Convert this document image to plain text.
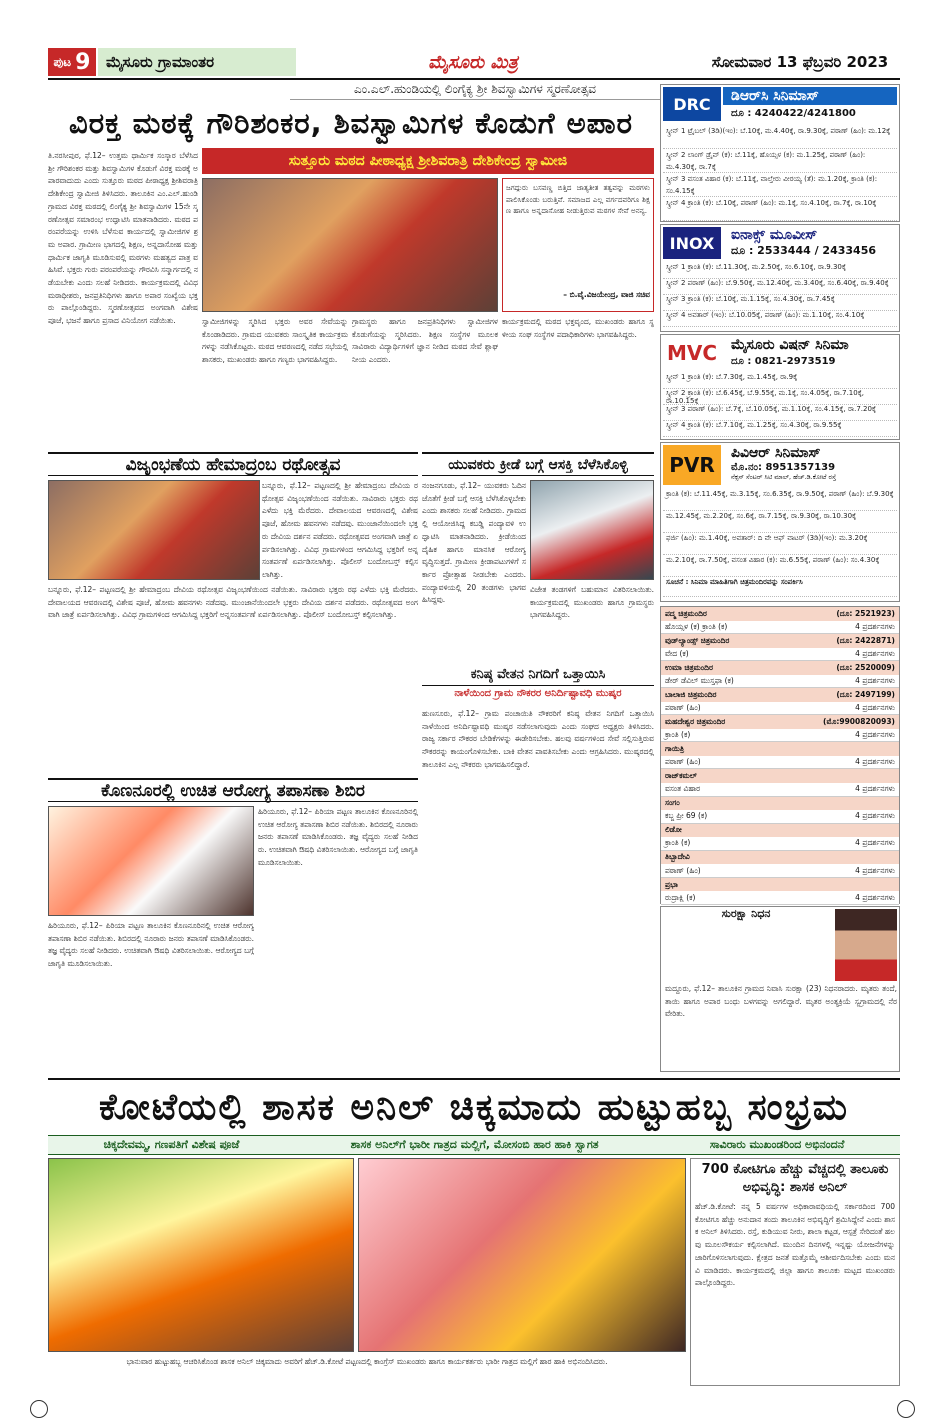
ಪುಟ 9	ಮೈಸೂರು ಗ್ರಾಮಾಂತರ	ಮೈಸೂರು ಮಿತ್ರ	ಸೋಮವಾರ 13 ಫೆಬ್ರವರಿ 2023
ಎಂ.ಎಲ್.ಹುಂಡಿಯಲ್ಲಿ ಲಿಂಗೈಕ್ಯ ಶ್ರೀ ಶಿವಸ್ವಾಮಿಗಳ ಸ್ಮರಣೋತ್ಸವ
ವಿರಕ್ತ ಮಠಕ್ಕೆ ಗೌರಿಶಂಕರ, ಶಿವಸ್ವಾಮಿಗಳ ಕೊಡುಗೆ ಅಪಾರ
ಸುತ್ತೂರು ಮಠದ ಪೀಠಾಧ್ಯಕ್ಷ ಶ್ರೀಶಿವರಾತ್ರಿ ದೇಶಿಕೇಂದ್ರ ಸ್ವಾಮೀಜಿ
ತಿ.ನರಸೀಪುರ, ಫೆ.12– ಉತ್ತಮ ಧಾರ್ಮಿಕ ಸಂಸ್ಕಾರ ಬೆಳೆಸಿದ ಶ್ರೀ ಗೌರಿಶಂಕರ ಮತ್ತು ಶಿವಸ್ವಾಮಿಗಳ ಕೊಡುಗೆ ವಿರಕ್ತ ಮಠಕ್ಕೆ ಅಪಾರವಾದುದು ಎಂದು ಸುತ್ತೂರು ಮಠದ ಪೀಠಾಧ್ಯಕ್ಷ ಶ್ರೀಶಿವರಾತ್ರಿ ದೇಶಿಕೇಂದ್ರ ಸ್ವಾಮೀಜಿ ತಿಳಿಸಿದರು. ತಾಲೂಕಿನ ಎಂ.ಎಲ್.ಹುಂಡಿ ಗ್ರಾಮದ ವಿರಕ್ತ ಮಠದಲ್ಲಿ ಲಿಂಗೈಕ್ಯ ಶ್ರೀ ಶಿವಸ್ವಾಮಿಗಳ 15ನೇ ಸ್ಮರಣೋತ್ಸವ ಸಮಾರಂಭ ಉದ್ಘಾಟಿಸಿ ಮಾತನಾಡಿದರು. ಮಠದ ಪರಂಪರೆಯನ್ನು ಉಳಿಸಿ ಬೆಳೆಸುವ ಕಾರ್ಯದಲ್ಲಿ ಸ್ವಾಮೀಜಿಗಳ ಶ್ರಮ ಅಪಾರ. ಗ್ರಾಮೀಣ ಭಾಗದಲ್ಲಿ ಶಿಕ್ಷಣ, ಅನ್ನದಾಸೋಹ ಮತ್ತು ಧಾರ್ಮಿಕ ಜಾಗೃತಿ ಮೂಡಿಸುವಲ್ಲಿ ಮಠಗಳು ಮಹತ್ವದ ಪಾತ್ರ ವಹಿಸಿವೆ. ಭಕ್ತರು ಗುರು ಪರಂಪರೆಯನ್ನು ಗೌರವಿಸಿ ಸನ್ಮಾರ್ಗದಲ್ಲಿ ನಡೆಯಬೇಕು ಎಂದು ಸಲಹೆ ನೀಡಿದರು. ಕಾರ್ಯಕ್ರಮದಲ್ಲಿ ವಿವಿಧ ಮಠಾಧೀಶರು, ಜನಪ್ರತಿನಿಧಿಗಳು ಹಾಗೂ ಅಪಾರ ಸಂಖ್ಯೆಯ ಭಕ್ತರು ಪಾಲ್ಗೊಂಡಿದ್ದರು. ಸ್ಮರಣೋತ್ಸವದ ಅಂಗವಾಗಿ ವಿಶೇಷ ಪೂಜೆ, ಭಜನೆ ಹಾಗೂ ಪ್ರಸಾದ ವಿನಿಯೋಗ ನಡೆಯಿತು.
ಜಗದ್ಗುರು ಬಸವಣ್ಣ ಬಿತ್ತಿದ ಜಾತ್ಯತೀತ ತತ್ವವನ್ನು ಮಠಗಳು ಪಾಲಿಸಿಕೊಂಡು ಬರುತ್ತಿವೆ. ಸಮಾಜದ ಎಲ್ಲ ವರ್ಗದವರಿಗೂ ಶಿಕ್ಷಣ ಹಾಗೂ ಅನ್ನದಾಸೋಹ ನೀಡುತ್ತಿರುವ ಮಠಗಳ ಸೇವೆ ಅನನ್ಯ.
– ಬಿ.ವೈ.ವಿಜಯೇಂದ್ರ, ವಾಜಿ ಸಚಿವ
ಸ್ವಾಮೀಜಿಗಳನ್ನು ಸ್ಮರಿಸಿದ ಭಕ್ತರು ಅವರ ಸೇವೆಯನ್ನು ಕೊಂಡಾಡಿದರು. ಗ್ರಾಮದ ಯುವಕರು ಸಾಂಸ್ಕೃತಿಕ ಕಾರ್ಯಕ್ರಮಗಳನ್ನು ನಡೆಸಿಕೊಟ್ಟರು. ಮಠದ ಆವರಣದಲ್ಲಿ ನಡೆದ ಸಭೆಯಲ್ಲಿ ಶಾಸಕರು, ಮುಖಂಡರು ಹಾಗೂ ಗಣ್ಯರು ಭಾಗವಹಿಸಿದ್ದರು.
ಗ್ರಾಮಸ್ಥರು ಹಾಗೂ ಜನಪ್ರತಿನಿಧಿಗಳು ಸ್ವಾಮೀಜಿಗಳ ಕೊಡುಗೆಯನ್ನು ಸ್ಮರಿಸಿದರು. ಶಿಕ್ಷಣ ಸಂಸ್ಥೆಗಳ ಮೂಲಕ ಸಾವಿರಾರು ವಿದ್ಯಾರ್ಥಿಗಳಿಗೆ ಜ್ಞಾನ ನೀಡಿದ ಮಠದ ಸೇವೆ ಶ್ಲಾಘನೀಯ ಎಂದರು.
ಕಾರ್ಯಕ್ರಮದಲ್ಲಿ ಮಠದ ಭಕ್ತವೃಂದ, ಮುಖಂಡರು ಹಾಗೂ ಸ್ಥಳೀಯ ಸಂಘ ಸಂಸ್ಥೆಗಳ ಪದಾಧಿಕಾರಿಗಳು ಭಾಗವಹಿಸಿದ್ದರು.
ವಿಜೃಂಭಣೆಯ ಹೇಮಾದ್ರಂಬ ರಥೋತ್ಸವ
ಬನ್ನೂರು, ಫೆ.12– ಪಟ್ಟಣದಲ್ಲಿ ಶ್ರೀ ಹೇಮಾದ್ರಂಬ ದೇವಿಯ ರಥೋತ್ಸವ ವಿಜೃಂಭಣೆಯಿಂದ ನಡೆಯಿತು. ಸಾವಿರಾರು ಭಕ್ತರು ರಥ ಎಳೆದು ಭಕ್ತಿ ಮೆರೆದರು. ದೇವಾಲಯದ ಆವರಣದಲ್ಲಿ ವಿಶೇಷ ಪೂಜೆ, ಹೋಮ ಹವನಗಳು ನಡೆದವು. ಮುಂಜಾನೆಯಿಂದಲೇ ಭಕ್ತರು ದೇವಿಯ ದರ್ಶನ ಪಡೆದರು. ರಥೋತ್ಸವದ ಅಂಗವಾಗಿ ಜಾತ್ರೆ ಏರ್ಪಡಿಸಲಾಗಿತ್ತು. ವಿವಿಧ ಗ್ರಾಮಗಳಿಂದ ಆಗಮಿಸಿದ್ದ ಭಕ್ತರಿಗೆ ಅನ್ನಸಂತರ್ಪಣೆ ಏರ್ಪಡಿಸಲಾಗಿತ್ತು. ಪೊಲೀಸ್ ಬಂದೋಬಸ್ತ್ ಕಲ್ಪಿಸಲಾಗಿತ್ತು.
ಬನ್ನೂರು, ಫೆ.12– ಪಟ್ಟಣದಲ್ಲಿ ಶ್ರೀ ಹೇಮಾದ್ರಂಬ ದೇವಿಯ ರಥೋತ್ಸವ ವಿಜೃಂಭಣೆಯಿಂದ ನಡೆಯಿತು. ಸಾವಿರಾರು ಭಕ್ತರು ರಥ ಎಳೆದು ಭಕ್ತಿ ಮೆರೆದರು. ದೇವಾಲಯದ ಆವರಣದಲ್ಲಿ ವಿಶೇಷ ಪೂಜೆ, ಹೋಮ ಹವನಗಳು ನಡೆದವು. ಮುಂಜಾನೆಯಿಂದಲೇ ಭಕ್ತರು ದೇವಿಯ ದರ್ಶನ ಪಡೆದರು. ರಥೋತ್ಸವದ ಅಂಗವಾಗಿ ಜಾತ್ರೆ ಏರ್ಪಡಿಸಲಾಗಿತ್ತು. ವಿವಿಧ ಗ್ರಾಮಗಳಿಂದ ಆಗಮಿಸಿದ್ದ ಭಕ್ತರಿಗೆ ಅನ್ನಸಂತರ್ಪಣೆ ಏರ್ಪಡಿಸಲಾಗಿತ್ತು. ಪೊಲೀಸ್ ಬಂದೋಬಸ್ತ್ ಕಲ್ಪಿಸಲಾಗಿತ್ತು.
ಯುವಕರು ಕ್ರೀಡೆ ಬಗ್ಗೆ ಆಸಕ್ತಿ ಬೆಳೆಸಿಕೊಳ್ಳಿ
ನಂಜನಗೂಡು, ಫೆ.12– ಯುವಕರು ಓದಿನ ಜೊತೆಗೆ ಕ್ರೀಡೆ ಬಗ್ಗೆ ಆಸಕ್ತಿ ಬೆಳೆಸಿಕೊಳ್ಳಬೇಕು ಎಂದು ಶಾಸಕರು ಸಲಹೆ ನೀಡಿದರು. ಗ್ರಾಮದಲ್ಲಿ ಆಯೋಜಿಸಿದ್ದ ಕಬಡ್ಡಿ ಪಂದ್ಯಾವಳಿ ಉದ್ಘಾಟಿಸಿ ಮಾತನಾಡಿದರು. ಕ್ರೀಡೆಯಿಂದ ದೈಹಿಕ ಹಾಗೂ ಮಾನಸಿಕ ಆರೋಗ್ಯ ವೃದ್ಧಿಸುತ್ತದೆ. ಗ್ರಾಮೀಣ ಕ್ರೀಡಾಪಟುಗಳಿಗೆ ಸರ್ಕಾರ ಪ್ರೋತ್ಸಾಹ ನೀಡಬೇಕು ಎಂದರು. ಪಂದ್ಯಾವಳಿಯಲ್ಲಿ 20 ತಂಡಗಳು ಭಾಗವಹಿಸಿದ್ದವು.
ವಿಜೇತ ತಂಡಗಳಿಗೆ ಬಹುಮಾನ ವಿತರಿಸಲಾಯಿತು. ಕಾರ್ಯಕ್ರಮದಲ್ಲಿ ಮುಖಂಡರು ಹಾಗೂ ಗ್ರಾಮಸ್ಥರು ಭಾಗವಹಿಸಿದ್ದರು.
ಕೊಣನೂರಲ್ಲಿ ಉಚಿತ ಆರೋಗ್ಯ ತಪಾಸಣಾ ಶಿಬಿರ
ಹಿರಿಯೂರು, ಫೆ.12– ಪಿರಿಯಾ ಪಟ್ಟಣ ತಾಲೂಕಿನ ಕೊಣನೂರಿನಲ್ಲಿ ಉಚಿತ ಆರೋಗ್ಯ ತಪಾಸಣಾ ಶಿಬಿರ ನಡೆಯಿತು. ಶಿಬಿರದಲ್ಲಿ ನೂರಾರು ಜನರು ತಪಾಸಣೆ ಮಾಡಿಸಿಕೊಂಡರು. ತಜ್ಞ ವೈದ್ಯರು ಸಲಹೆ ನೀಡಿದರು. ಉಚಿತವಾಗಿ ಔಷಧಿ ವಿತರಿಸಲಾಯಿತು. ಆರೋಗ್ಯದ ಬಗ್ಗೆ ಜಾಗೃತಿ ಮೂಡಿಸಲಾಯಿತು.
ಹಿರಿಯೂರು, ಫೆ.12– ಪಿರಿಯಾ ಪಟ್ಟಣ ತಾಲೂಕಿನ ಕೊಣನೂರಿನಲ್ಲಿ ಉಚಿತ ಆರೋಗ್ಯ ತಪಾಸಣಾ ಶಿಬಿರ ನಡೆಯಿತು. ಶಿಬಿರದಲ್ಲಿ ನೂರಾರು ಜನರು ತಪಾಸಣೆ ಮಾಡಿಸಿಕೊಂಡರು. ತಜ್ಞ ವೈದ್ಯರು ಸಲಹೆ ನೀಡಿದರು. ಉಚಿತವಾಗಿ ಔಷಧಿ ವಿತರಿಸಲಾಯಿತು. ಆರೋಗ್ಯದ ಬಗ್ಗೆ ಜಾಗೃತಿ ಮೂಡಿಸಲಾಯಿತು.
ಕನಿಷ್ಠ ವೇತನ ನಿಗದಿಗೆ ಒತ್ತಾಯಿಸಿ
ನಾಳೆಯಿಂದ ಗ್ರಾಮ ನೌಕರರ ಅನಿರ್ದಿಷ್ಟಾವಧಿ ಮುಷ್ಕರ
ಹುಣಸೂರು, ಫೆ.12– ಗ್ರಾಮ ಪಂಚಾಯಿತಿ ನೌಕರರಿಗೆ ಕನಿಷ್ಠ ವೇತನ ನಿಗದಿಗೆ ಒತ್ತಾಯಿಸಿ ನಾಳೆಯಿಂದ ಅನಿರ್ದಿಷ್ಟಾವಧಿ ಮುಷ್ಕರ ನಡೆಸಲಾಗುವುದು ಎಂದು ಸಂಘದ ಅಧ್ಯಕ್ಷರು ತಿಳಿಸಿದರು. ರಾಜ್ಯ ಸರ್ಕಾರ ನೌಕರರ ಬೇಡಿಕೆಗಳನ್ನು ಈಡೇರಿಸಬೇಕು. ಹಲವು ವರ್ಷಗಳಿಂದ ಸೇವೆ ಸಲ್ಲಿಸುತ್ತಿರುವ ನೌಕರರನ್ನು ಕಾಯಂಗೊಳಿಸಬೇಕು. ಬಾಕಿ ವೇತನ ಪಾವತಿಸಬೇಕು ಎಂದು ಆಗ್ರಹಿಸಿದರು. ಮುಷ್ಕರದಲ್ಲಿ ತಾಲೂಕಿನ ಎಲ್ಲ ನೌಕರರು ಭಾಗವಹಿಸಲಿದ್ದಾರೆ.
DRC	ಡಿಆರ್‌ಸಿ ಸಿನಿಮಾಸ್
ದೂ : 4240422/4241800
ಸ್ಕ್ರೀನ್ 1 ಟ್ರೈಬಲ್ (3ಡಿ)(ಇಂ): ಬೆ.10ಕ್ಕೆ, ಮ.4.40ಕ್ಕೆ, ರಾ.9.30ಕ್ಕೆ, ಪಠಾಣ್ (ಹಿಂ): ಮ.12ಕ್ಕೆ
ಸ್ಕ್ರೀನ್ 2 ಲಾಂಗ್ ಡ್ರೈವ್ (ಕ): ಬೆ.11ಕ್ಕೆ, ಹೊಯ್ಸಳ (ಕ): ಮ.1.25ಕ್ಕೆ, ಪಠಾಣ್ (ಹಿಂ): ಮ.4.30ಕ್ಕೆ, ರಾ.7ಕ್ಕೆ
ಸ್ಕ್ರೀನ್ 3 ವಸಂತ ವಿಹಾರ (ಕ): ಬೆ.11ಕ್ಕೆ, ವಾಲ್ತೇರು ವೀರಯ್ಯ (ತೆ): ಮ.1.20ಕ್ಕೆ, ಕ್ರಾಂತಿ (ಕ): ಸಂ.4.15ಕ್ಕೆ
ಸ್ಕ್ರೀನ್ 4 ಕ್ರಾಂತಿ (ಕ): ಬೆ.10ಕ್ಕೆ, ಪಠಾಣ್ (ಹಿಂ): ಮ.1ಕ್ಕೆ, ಸಂ.4.10ಕ್ಕೆ, ರಾ.7ಕ್ಕೆ, ರಾ.10ಕ್ಕೆ
INOX	ಐನಾಕ್ಸ್ ಮೂವೀಸ್
ದೂ : 2533444 / 2433456
ಸ್ಕ್ರೀನ್ 1 ಕ್ರಾಂತಿ (ಕ): ಬೆ.11.30ಕ್ಕೆ, ಮ.2.50ಕ್ಕೆ, ಸಂ.6.10ಕ್ಕೆ, ರಾ.9.30ಕ್ಕೆ
ಸ್ಕ್ರೀನ್ 2 ಪಠಾಣ್ (ಹಿಂ): ಬೆ.9.50ಕ್ಕೆ, ಮ.12.40ಕ್ಕೆ, ಮ.3.40ಕ್ಕೆ, ಸಂ.6.40ಕ್ಕೆ, ರಾ.9.40ಕ್ಕೆ
ಸ್ಕ್ರೀನ್ 3 ಕ್ರಾಂತಿ (ಕ): ಬೆ.10ಕ್ಕೆ, ಮ.1.15ಕ್ಕೆ, ಸಂ.4.30ಕ್ಕೆ, ರಾ.7.45ಕ್ಕೆ
ಸ್ಕ್ರೀನ್ 4 ಅವತಾರ್ (ಇಂ): ಬೆ.10.05ಕ್ಕೆ, ಪಠಾಣ್ (ಹಿಂ): ಮ.1.10ಕ್ಕೆ, ಸಂ.4.10ಕ್ಕೆ
MVC ಮೈಸೂರು ವಿಷನ್ ಸಿನಿಮಾ
ದೂ : 0821-2973519
ಸ್ಕ್ರೀನ್ 1 ಕ್ರಾಂತಿ (ಕ): ಬೆ.7.30ಕ್ಕೆ, ಮ.1.45ಕ್ಕೆ, ರಾ.9ಕ್ಕೆ
ಸ್ಕ್ರೀನ್ 2 ಕ್ರಾಂತಿ (ಕ): ಬೆ.6.45ಕ್ಕೆ, ಬೆ.9.55ಕ್ಕೆ, ಮ.1ಕ್ಕೆ, ಸಂ.4.05ಕ್ಕೆ, ರಾ.7.10ಕ್ಕೆ, ರಾ.10.15ಕ್ಕೆ
ಸ್ಕ್ರೀನ್ 3 ಪಠಾಣ್ (ಹಿಂ): ಬೆ.7ಕ್ಕೆ, ಬೆ.10.05ಕ್ಕೆ, ಮ.1.10ಕ್ಕೆ, ಸಂ.4.15ಕ್ಕೆ, ರಾ.7.20ಕ್ಕೆ
ಸ್ಕ್ರೀನ್ 4 ಕ್ರಾಂತಿ (ಕ): ಬೆ.7.10ಕ್ಕೆ, ಮ.1.25ಕ್ಕೆ, ಸಂ.4.30ಕ್ಕೆ, ರಾ.9.55ಕ್ಕೆ
PVR	ಪಿವಿಆರ್ ಸಿನಿಮಾಸ್
ಮೊ.ನಂ: 8951357139
ನೆಕ್ಸಸ್ ಸೆಂಟರ್ ಸಿಟಿ ಮಾಲ್, ಹೆಚ್.ಡಿ.ಕೋಟೆ ರಸ್ತೆ
ಕ್ರಾಂತಿ (ಕ): ಬೆ.11.45ಕ್ಕೆ, ಮ.3.15ಕ್ಕೆ, ಸಂ.6.35ಕ್ಕೆ, ರಾ.9.50ಕ್ಕೆ, ಪಠಾಣ್ (ಹಿಂ): ಬೆ.9.30ಕ್ಕೆ
ಮ.12.45ಕ್ಕೆ, ಮ.2.20ಕ್ಕೆ, ಸಂ.6ಕ್ಕೆ, ರಾ.7.15ಕ್ಕೆ, ರಾ.9.30ಕ್ಕೆ, ರಾ.10.30ಕ್ಕೆ
ಫರ್ಜಿ (ಹಿಂ): ಮ.1.40ಕ್ಕೆ, ಅವತಾರ್: ದಿ ವೇ ಆಫ್ ವಾಟರ್ (3ಡಿ)(ಇಂ): ಮ.3.20ಕ್ಕೆ
ಮ.2.10ಕ್ಕೆ, ರಾ.7.50ಕ್ಕೆ, ವಸಂತ ವಿಹಾರ (ಕ): ಮ.6.55ಕ್ಕೆ, ಪಠಾಣ್ (ಹಿಂ): ಸಂ.4.30ಕ್ಕೆ
ಸೂಚನೆ : ಸಿನಿಮಾ ಮಾಹಿತಿಗಾಗಿ ಚಿತ್ರಮಂದಿರವನ್ನು ಸಂಪರ್ಕಿಸಿ
ಪದ್ಮ ಚಿತ್ರಮಂದಿರ	(ದೂ: 2521923)
ಹೊಯ್ಸಳ (ಕ) ಕ್ರಾಂತಿ (ಕ)	4 ಪ್ರದರ್ಶನಗಳು
ವುಡ್‌ಲ್ಯಾಂಡ್ಸ್ ಚಿತ್ರಮಂದಿರ	(ದೂ: 2422871)
ವೇದ (ಕ)	4 ಪ್ರದರ್ಶನಗಳು
ಉಮಾ ಚಿತ್ರಮಂದಿರ	(ದೂ: 2520009)
ಡೇರ್ ಡೆವಿಲ್ ಮುಸ್ತಫಾ (ಕ)	4 ಪ್ರದರ್ಶನಗಳು
ಬಾಲಾಜಿ ಚಿತ್ರಮಂದಿರ	(ದೂ: 2497199)
ಪಠಾಣ್ (ಹಿಂ)	4 ಪ್ರದರ್ಶನಗಳು
ಮಹದೇಶ್ವರ ಚಿತ್ರಮಂದಿರ	(ಮೊ:9900820093)
ಕ್ರಾಂತಿ (ಕ)	4 ಪ್ರದರ್ಶನಗಳು
ಗಾಯಿತ್ರಿ
ಪಠಾಣ್ (ಹಿಂ)	4 ಪ್ರದರ್ಶನಗಳು
ರಾಜ್‌ಕಮಲ್
ವಸಂತ ವಿಹಾರ	4 ಪ್ರದರ್ಶನಗಳು
ಸಂಗಂ
ಕಬ್ಜ ಪ್ರೀ 69 (ಕ)	4 ಪ್ರದರ್ಶನಗಳು
ಲಿಡೋ
ಕ್ರಾಂತಿ (ಕ)	4 ಪ್ರದರ್ಶನಗಳು
ತಿಬ್ಬಾದೇವಿ
ಪಠಾಣ್ (ಹಿಂ)	4 ಪ್ರದರ್ಶನಗಳು
ಪ್ರಭಾ
ರುದ್ರಾಕ್ಷಿ (ಕ)	4 ಪ್ರದರ್ಶನಗಳು
ಸುರಕ್ಷಾ ನಿಧನ
ಮದ್ದೂರು, ಫೆ.12– ತಾಲೂಕಿನ ಗ್ರಾಮದ ನಿವಾಸಿ ಸುರಕ್ಷಾ (23) ನಿಧನರಾದರು. ಮೃತರು ತಂದೆ, ತಾಯಿ ಹಾಗೂ ಅಪಾರ ಬಂಧು ಬಳಗವನ್ನು ಅಗಲಿದ್ದಾರೆ. ಮೃತರ ಅಂತ್ಯಕ್ರಿಯೆ ಸ್ವಗ್ರಾಮದಲ್ಲಿ ನೆರವೇರಿತು.
ಕೋಟೆಯಲ್ಲಿ ಶಾಸಕ ಅನಿಲ್ ಚಿಕ್ಕಮಾದು ಹುಟ್ಟುಹಬ್ಬ ಸಂಭ್ರಮ
ಚಿಕ್ಕದೇವಮ್ಮ, ಗಣಪತಿಗೆ ವಿಶೇಷ ಪೂಜೆ	ಶಾಸಕ ಅನಿಲ್‌ಗೆ ಭಾರೀ ಗಾತ್ರದ ಮಲ್ಲಿಗೆ, ಮೋಸಂಬಿ ಹಾರ ಹಾಕಿ ಸ್ವಾಗತ	ಸಾವಿರಾರು ಮುಖಂಡರಿಂದ ಅಭಿನಂದನೆ
ಭಾನುವಾರ ಹುಟ್ಟುಹಬ್ಬ ಆಚರಿಸಿಕೊಂಡ ಶಾಸಕ ಅನಿಲ್ ಚಿಕ್ಕಮಾದು ಅವರಿಗೆ ಹೆಚ್.ಡಿ.ಕೋಟೆ ಪಟ್ಟಣದಲ್ಲಿ ಕಾಂಗ್ರೆಸ್ ಮುಖಂಡರು ಹಾಗೂ ಕಾರ್ಯಕರ್ತರು ಭಾರೀ ಗಾತ್ರದ ಮಲ್ಲಿಗೆ ಹಾರ ಹಾಕಿ ಅಭಿನಂದಿಸಿದರು.
700 ಕೋಟಿಗೂ ಹೆಚ್ಚು ವೆಚ್ಚದಲ್ಲಿ ತಾಲೂಕು ಅಭಿವೃದ್ಧಿ: ಶಾಸಕ ಅನಿಲ್
ಹೆಚ್.ಡಿ.ಕೋಟೆ: ನನ್ನ 5 ವರ್ಷಗಳ ಅಧಿಕಾರಾವಧಿಯಲ್ಲಿ ಸರ್ಕಾರದಿಂದ 700 ಕೋಟಿಗೂ ಹೆಚ್ಚು ಅನುದಾನ ತಂದು ತಾಲೂಕಿನ ಅಭಿವೃದ್ಧಿಗೆ ಶ್ರಮಿಸಿದ್ದೇನೆ ಎಂದು ಶಾಸಕ ಅನಿಲ್ ತಿಳಿಸಿದರು. ರಸ್ತೆ, ಕುಡಿಯುವ ನೀರು, ಶಾಲಾ ಕಟ್ಟಡ, ಆಸ್ಪತ್ರೆ ಸೇರಿದಂತೆ ಹಲವು ಮೂಲಸೌಕರ್ಯ ಕಲ್ಪಿಸಲಾಗಿದೆ. ಮುಂದಿನ ದಿನಗಳಲ್ಲಿ ಇನ್ನಷ್ಟು ಯೋಜನೆಗಳನ್ನು ಜಾರಿಗೊಳಿಸಲಾಗುವುದು. ಕ್ಷೇತ್ರದ ಜನತೆ ಮತ್ತೊಮ್ಮೆ ಆಶೀರ್ವದಿಸಬೇಕು ಎಂದು ಮನವಿ ಮಾಡಿದರು. ಕಾರ್ಯಕ್ರಮದಲ್ಲಿ ಜಿಲ್ಲಾ ಹಾಗೂ ತಾಲೂಕು ಮಟ್ಟದ ಮುಖಂಡರು ಪಾಲ್ಗೊಂಡಿದ್ದರು.
